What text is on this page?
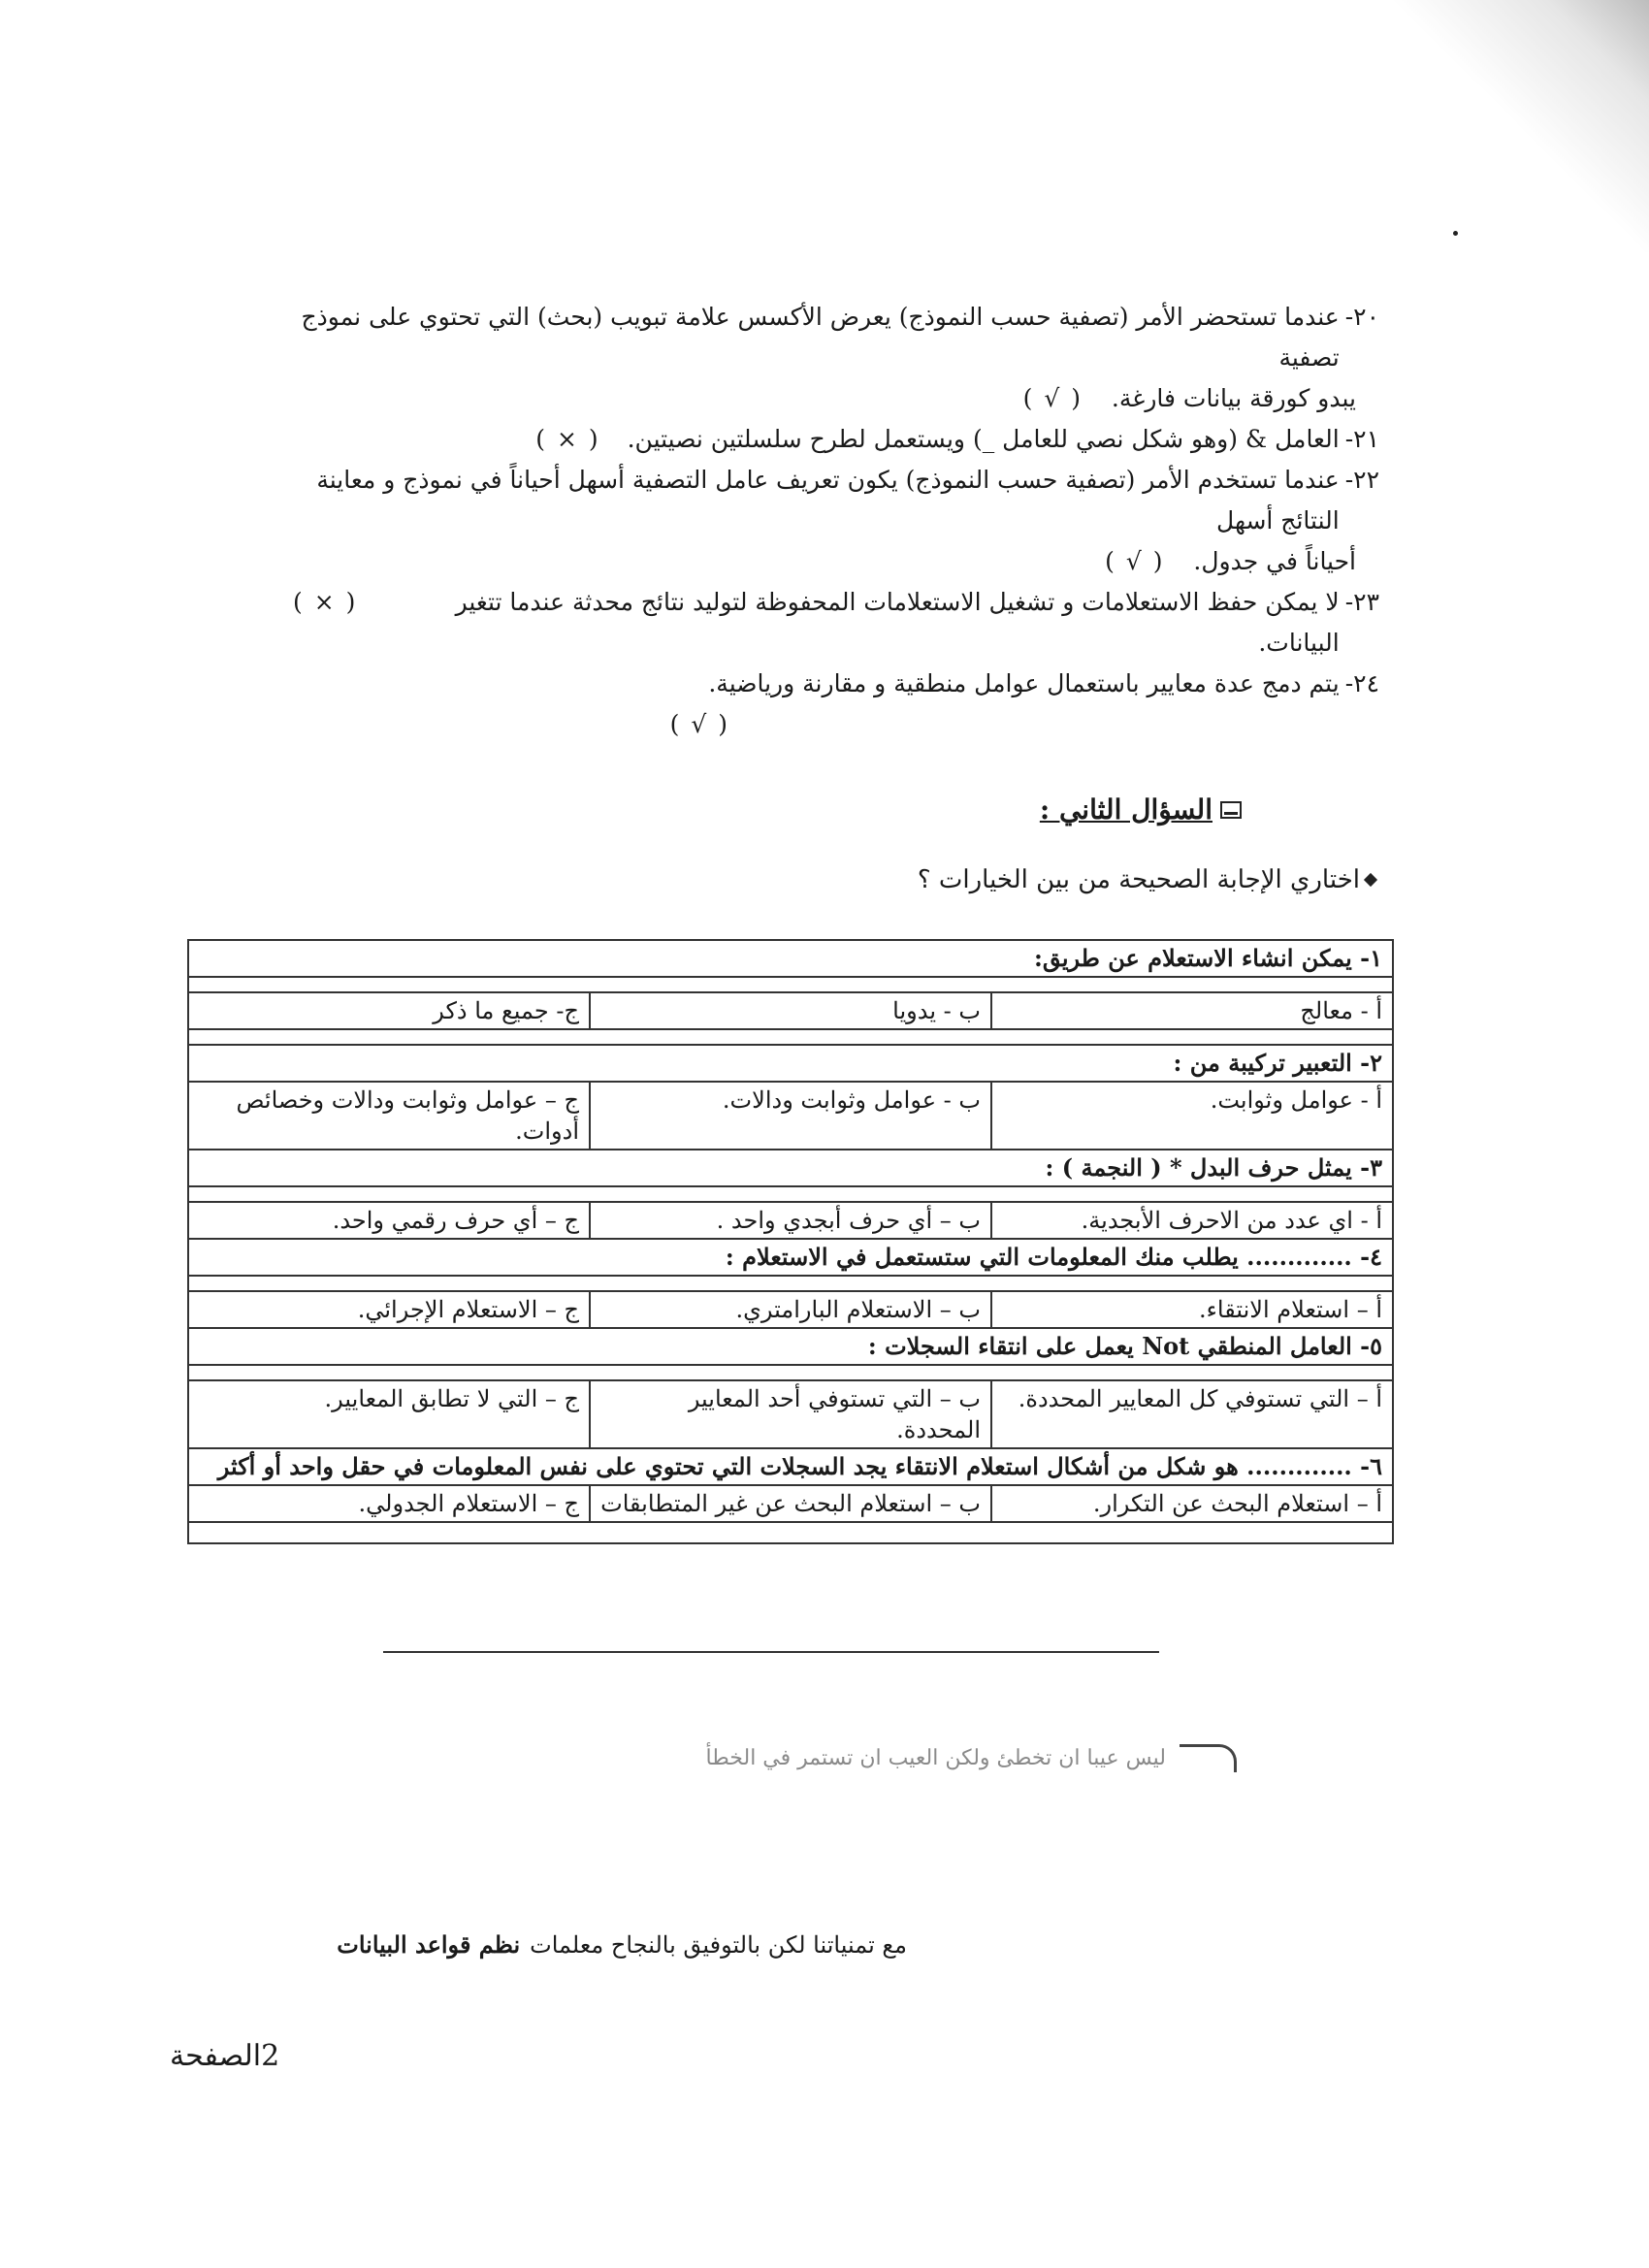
٢٠-
عندما تستحضر الأمر (تصفية حسب النموذج) يعرض الأكسس علامة تبويب (بحث) التي تحتوي على نموذج تصفية
يبدو كورقة بيانات فارغة. ( √ )
٢١-
العامل & (وهو شكل نصي للعامل _) ويستعمل لطرح سلسلتين نصيتين.
( × )
٢٢-
عندما تستخدم الأمر (تصفية حسب النموذج) يكون تعريف عامل التصفية أسهل أحياناً في نموذج و معاينة النتائج أسهل
أحياناً في جدول. ( √ )
٢٣-
لا يمكن حفظ الاستعلامات و تشغيل الاستعلامات المحفوظة لتوليد نتائج محدثة عندما تتغير البيانات.
( × )
٢٤-
يتم دمج عدة معايير باستعمال عوامل منطقية و مقارنة ورياضية.
( √ )
السؤال الثاني :
اختاري الإجابة الصحيحة من بين الخيارات ؟
١- يمكن انشاء الاستعلام عن طريق:		

أ - معالج	ب - يدويا	ج- جميع ما ذكر

٢- التعبير تركيبة من :		
أ - عوامل وثوابت.	ب - عوامل وثوابت ودالات.	ج – عوامل وثوابت ودالات وخصائص أدوات.
٣- يمثل حرف البدل * ( النجمة ) :		

أ - اي عدد من الاحرف الأبجدية.	ب – أي حرف أبجدي واحد .	ج – أي حرف رقمي واحد.
٤- ............. يطلب منك المعلومات التي ستستعمل في الاستعلام :		

أ – استعلام الانتقاء.	ب – الاستعلام البارامتري.	ج – الاستعلام الإجرائي.
٥- العامل المنطقي Not يعمل على انتقاء السجلات :		

أ – التي تستوفي كل المعايير المحددة.	ب – التي تستوفي أحد المعايير المحددة.	ج – التي لا تطابق المعايير.
٦- ............. هو شكل من أشكال استعلام الانتقاء يجد السجلات التي تحتوي على نفس المعلومات في حقل واحد أو أكثر		
أ – استعلام البحث عن التكرار.	ب – استعلام البحث عن غير المتطابقات	ج – الاستعلام الجدولي.

ليس عيبا ان تخطئ ولكن العيب ان تستمر في الخطأ
مع تمنياتنا لكن بالتوفيق بالنجاح معلمات
نظم قواعد البيانات
2الصفحة
